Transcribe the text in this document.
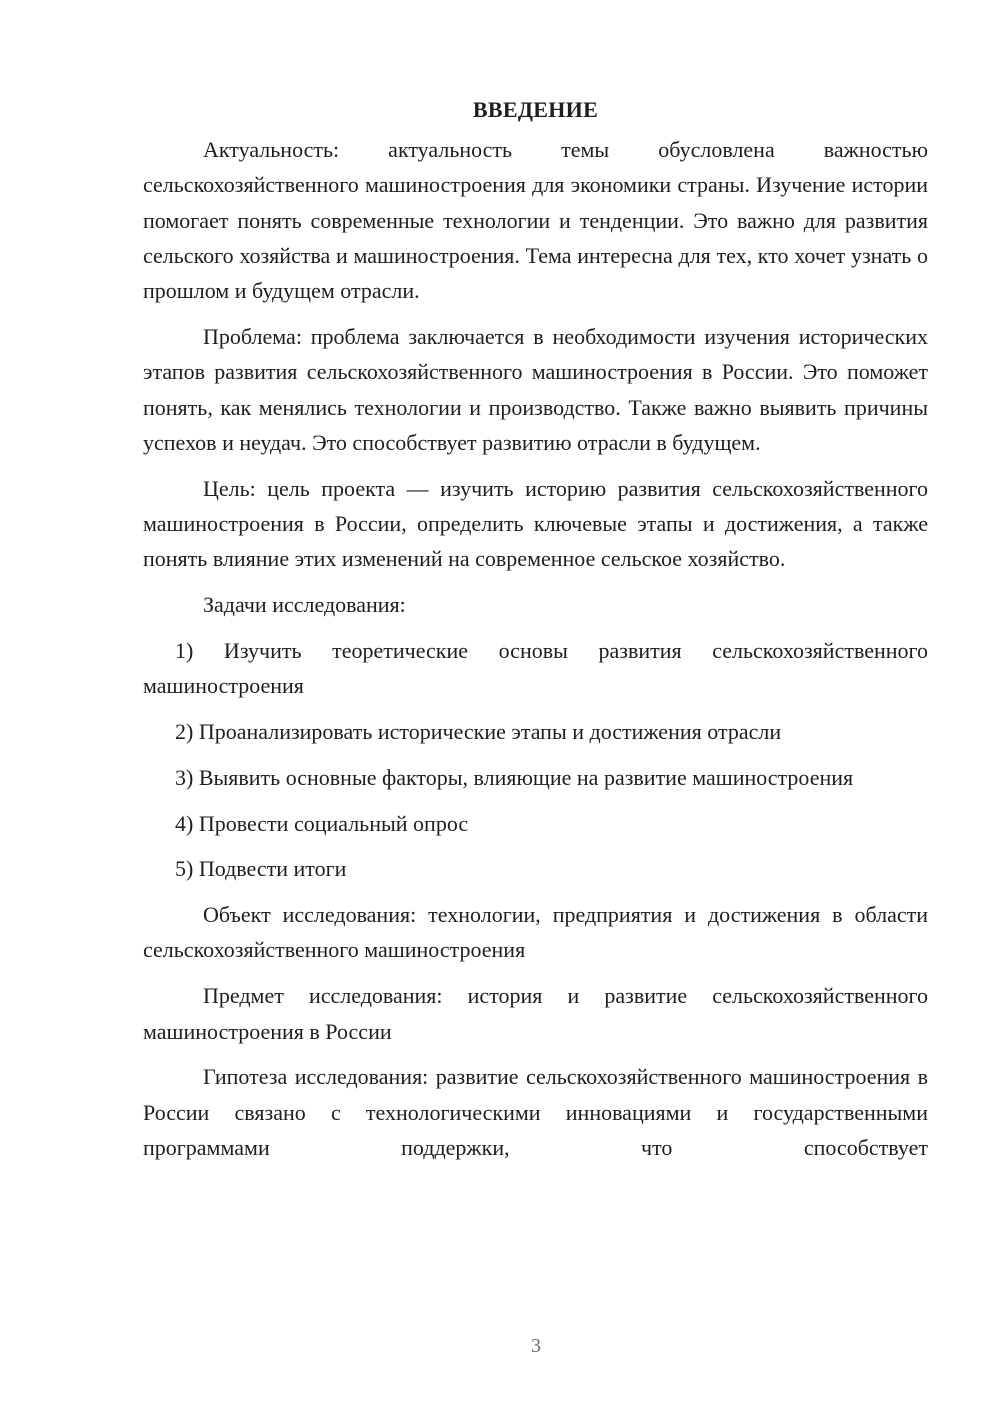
ВВЕДЕНИЕ

Актуальность: актуальность темы обусловлена важностью сельскохозяйственного машиностроения для экономики страны. Изучение истории помогает понять современные технологии и тенденции. Это важно для развития сельского хозяйства и машиностроения. Тема интересна для тех, кто хочет узнать о прошлом и будущем отрасли.

Проблема: проблема заключается в необходимости изучения исторических этапов развития сельскохозяйственного машиностроения в России. Это поможет понять, как менялись технологии и производство. Также важно выявить причины успехов и неудач. Это способствует развитию отрасли в будущем.

Цель: цель проекта — изучить историю развития сельскохозяйственного машиностроения в России, определить ключевые этапы и достижения, а также понять влияние этих изменений на современное сельское хозяйство.

Задачи исследования:

1) Изучить теоретические основы развития сельскохозяйственного машиностроения

2) Проанализировать исторические этапы и достижения отрасли

3) Выявить основные факторы, влияющие на развитие машиностроения

4) Провести социальный опрос

5) Подвести итоги

Объект исследования: технологии, предприятия и достижения в области сельскохозяйственного машиностроения

Предмет исследования: история и развитие сельскохозяйственного машиностроения в России

Гипотеза исследования: развитие сельскохозяйственного машиностроения в России связано с технологическими инновациями и государственными программами поддержки, что способствует

3
